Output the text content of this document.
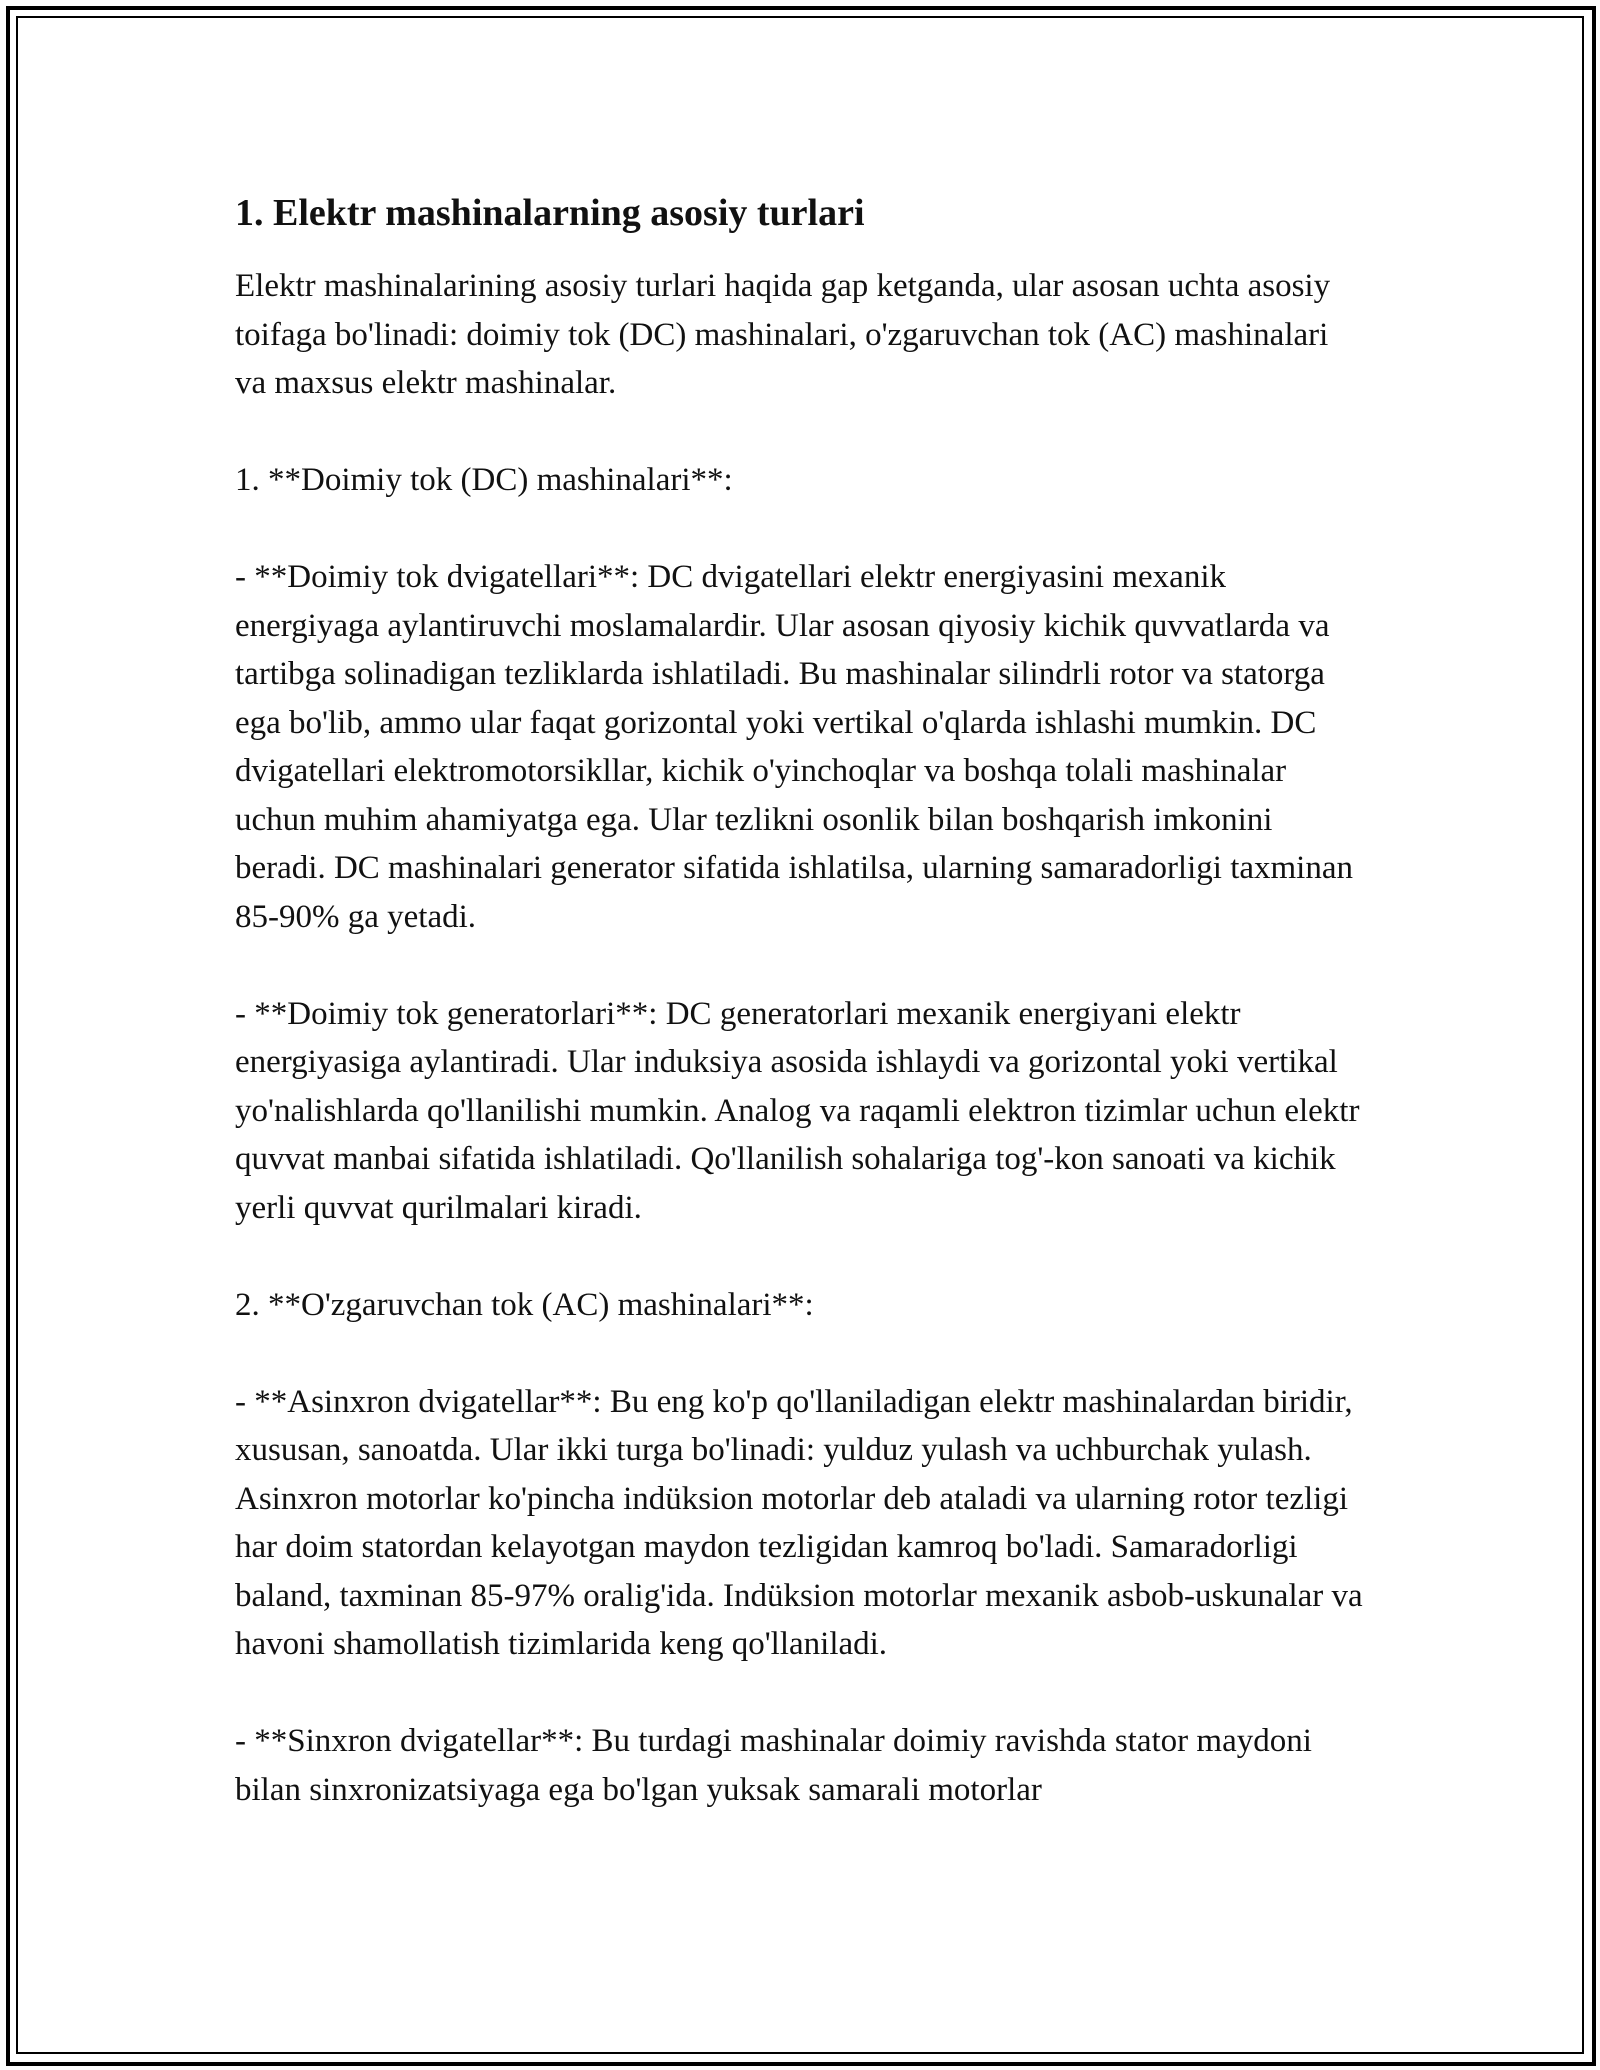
1. Elektr mashinalarning asosiy turlari

Elektr mashinalarining asosiy turlari haqida gap ketganda, ular asosan uchta asosiy toifaga bo'linadi: doimiy tok (DC) mashinalari, o'zgaruvchan tok (AC) mashinalari va maxsus elektr mashinalar.

1. **Doimiy tok (DC) mashinalari**:

- **Doimiy tok dvigatellari**: DC dvigatellari elektr energiyasini mexanik energiyaga aylantiruvchi moslamalardir. Ular asosan qiyosiy kichik quvvatlarda va tartibga solinadigan tezliklarda ishlatiladi. Bu mashinalar silindrli rotor va statorga ega bo'lib, ammo ular faqat gorizontal yoki vertikal o'qlarda ishlashi mumkin. DC dvigatellari elektromotorsikllar, kichik o'yinchoqlar va boshqa tolali mashinalar uchun muhim ahamiyatga ega. Ular tezlikni osonlik bilan boshqarish imkonini beradi. DC mashinalari generator sifatida ishlatilsa, ularning samaradorligi taxminan 85-90% ga yetadi.

- **Doimiy tok generatorlari**: DC generatorlari mexanik energiyani elektr energiyasiga aylantiradi. Ular induksiya asosida ishlaydi va gorizontal yoki vertikal yo'nalishlarda qo'llanilishi mumkin. Analog va raqamli elektron tizimlar uchun elektr quvvat manbai sifatida ishlatiladi. Qo'llanilish sohalariga tog'-kon sanoati va kichik yerli quvvat qurilmalari kiradi.

2. **O'zgaruvchan tok (AC) mashinalari**:

- **Asinxron dvigatellar**: Bu eng ko'p qo'llaniladigan elektr mashinalardan biridir, xususan, sanoatda. Ular ikki turga bo'linadi: yulduz yulash va uchburchak yulash. Asinxron motorlar ko'pincha indüksion motorlar deb ataladi va ularning rotor tezligi har doim statordan kelayotgan maydon tezligidan kamroq bo'ladi. Samaradorligi baland, taxminan 85-97% oralig'ida. Indüksion motorlar mexanik asbob-uskunalar va havoni shamollatish tizimlarida keng qo'llaniladi.

- **Sinxron dvigatellar**: Bu turdagi mashinalar doimiy ravishda stator maydoni bilan sinxronizatsiyaga ega bo'lgan yuksak samarali motorlar
